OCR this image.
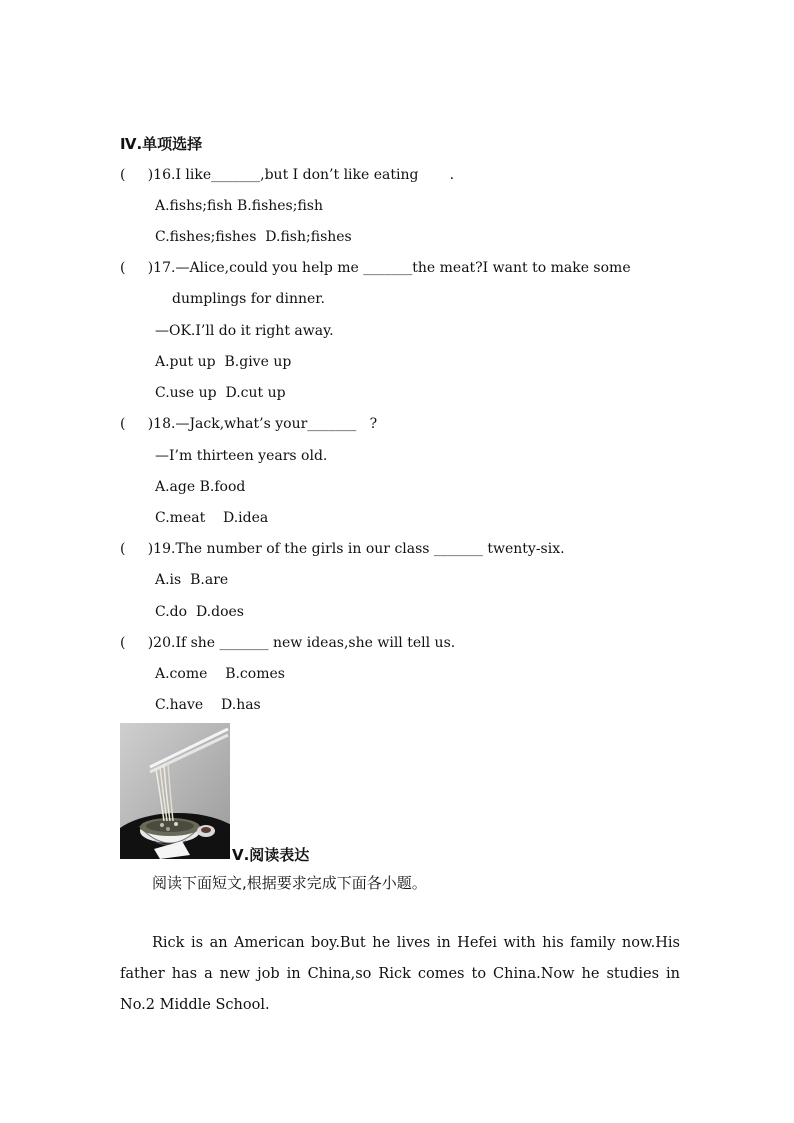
Ⅳ.单项选择
(     )16.I like_______,but I don’t like eating       .
A.fishs;fish B.fishes;fish
C.fishes;fishes  D.fish;fishes
(     )17.—Alice,could you help me _______the meat?I want to make some
dumplings for dinner.
—OK.I’ll do it right away.
A.put up  B.give up
C.use up  D.cut up
(     )18.—Jack,what’s your_______   ?
—I’m thirteen years old.
A.age B.food
C.meat    D.idea
(     )19.The number of the girls in our class _______ twenty-six.
A.is  B.are
C.do  D.does
(     )20.If she _______ new ideas,she will tell us.
A.come    B.comes
C.have    D.has
Ⅴ.阅读表达
阅读下面短文,根据要求完成下面各小题。
Rick is an American boy.But he lives in Hefei with his family now.His father has a new job in China,so Rick comes to China.Now he studies in No.2 Middle School.
